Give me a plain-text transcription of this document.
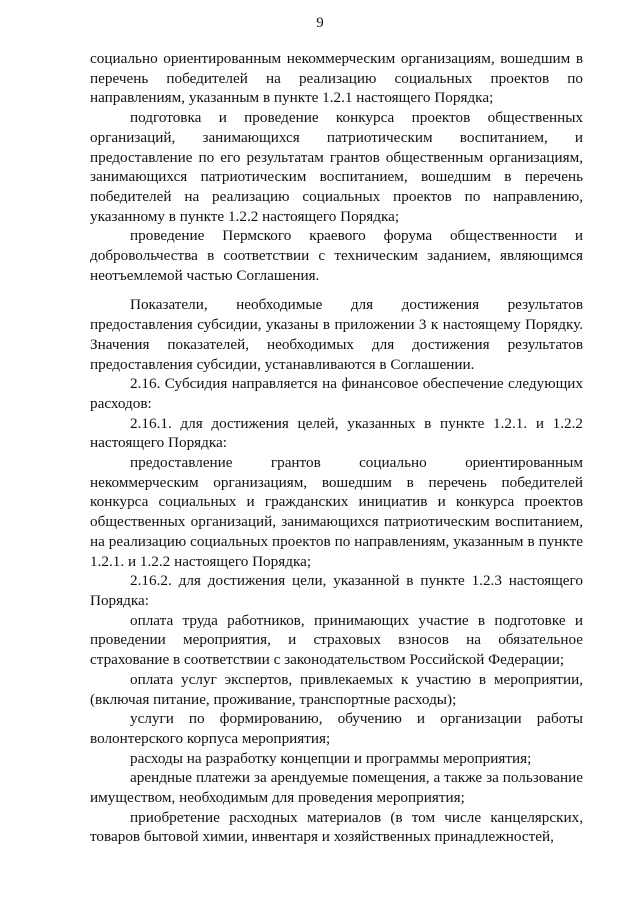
9

социально ориентированным некоммерческим организациям, вошедшим в перечень победителей на реализацию социальных проектов по направлениям, указанным в пункте 1.2.1 настоящего Порядка;

подготовка и проведение конкурса проектов общественных организаций, занимающихся патриотическим воспитанием, и предоставление по его результатам грантов общественным организациям, занимающихся патриотическим воспитанием, вошедшим в перечень победителей на реализацию социальных проектов по направлению, указанному в пункте 1.2.2 настоящего Порядка;

проведение Пермского краевого форума общественности и добровольчества в соответствии с техническим заданием, являющимся неотъемлемой частью Соглашения.

Показатели, необходимые для достижения результатов предоставления субсидии, указаны в приложении 3 к настоящему Порядку. Значения показателей, необходимых для достижения результатов предоставления субсидии, устанавливаются в Соглашении.

2.16. Субсидия направляется на финансовое обеспечение следующих расходов:

2.16.1. для достижения целей, указанных в пункте 1.2.1. и 1.2.2 настоящего Порядка:

предоставление грантов социально ориентированным некоммерческим организациям, вошедшим в перечень победителей конкурса социальных и гражданских инициатив и конкурса проектов общественных организаций, занимающихся патриотическим воспитанием, на реализацию социальных проектов по направлениям, указанным в пункте 1.2.1. и 1.2.2 настоящего Порядка;

2.16.2. для достижения цели, указанной в пункте 1.2.3 настоящего Порядка:

оплата труда работников, принимающих участие в подготовке и проведении мероприятия, и страховых взносов на обязательное страхование в соответствии с законодательством Российской Федерации;

оплата услуг экспертов, привлекаемых к участию в мероприятии, (включая питание, проживание, транспортные расходы);

услуги по формированию, обучению и организации работы волонтерского корпуса мероприятия;

расходы на разработку концепции и программы мероприятия;

арендные платежи за арендуемые помещения, а также за пользование имуществом, необходимым для проведения мероприятия;

приобретение расходных материалов (в том числе канцелярских, товаров бытовой химии, инвентаря и хозяйственных принадлежностей,
